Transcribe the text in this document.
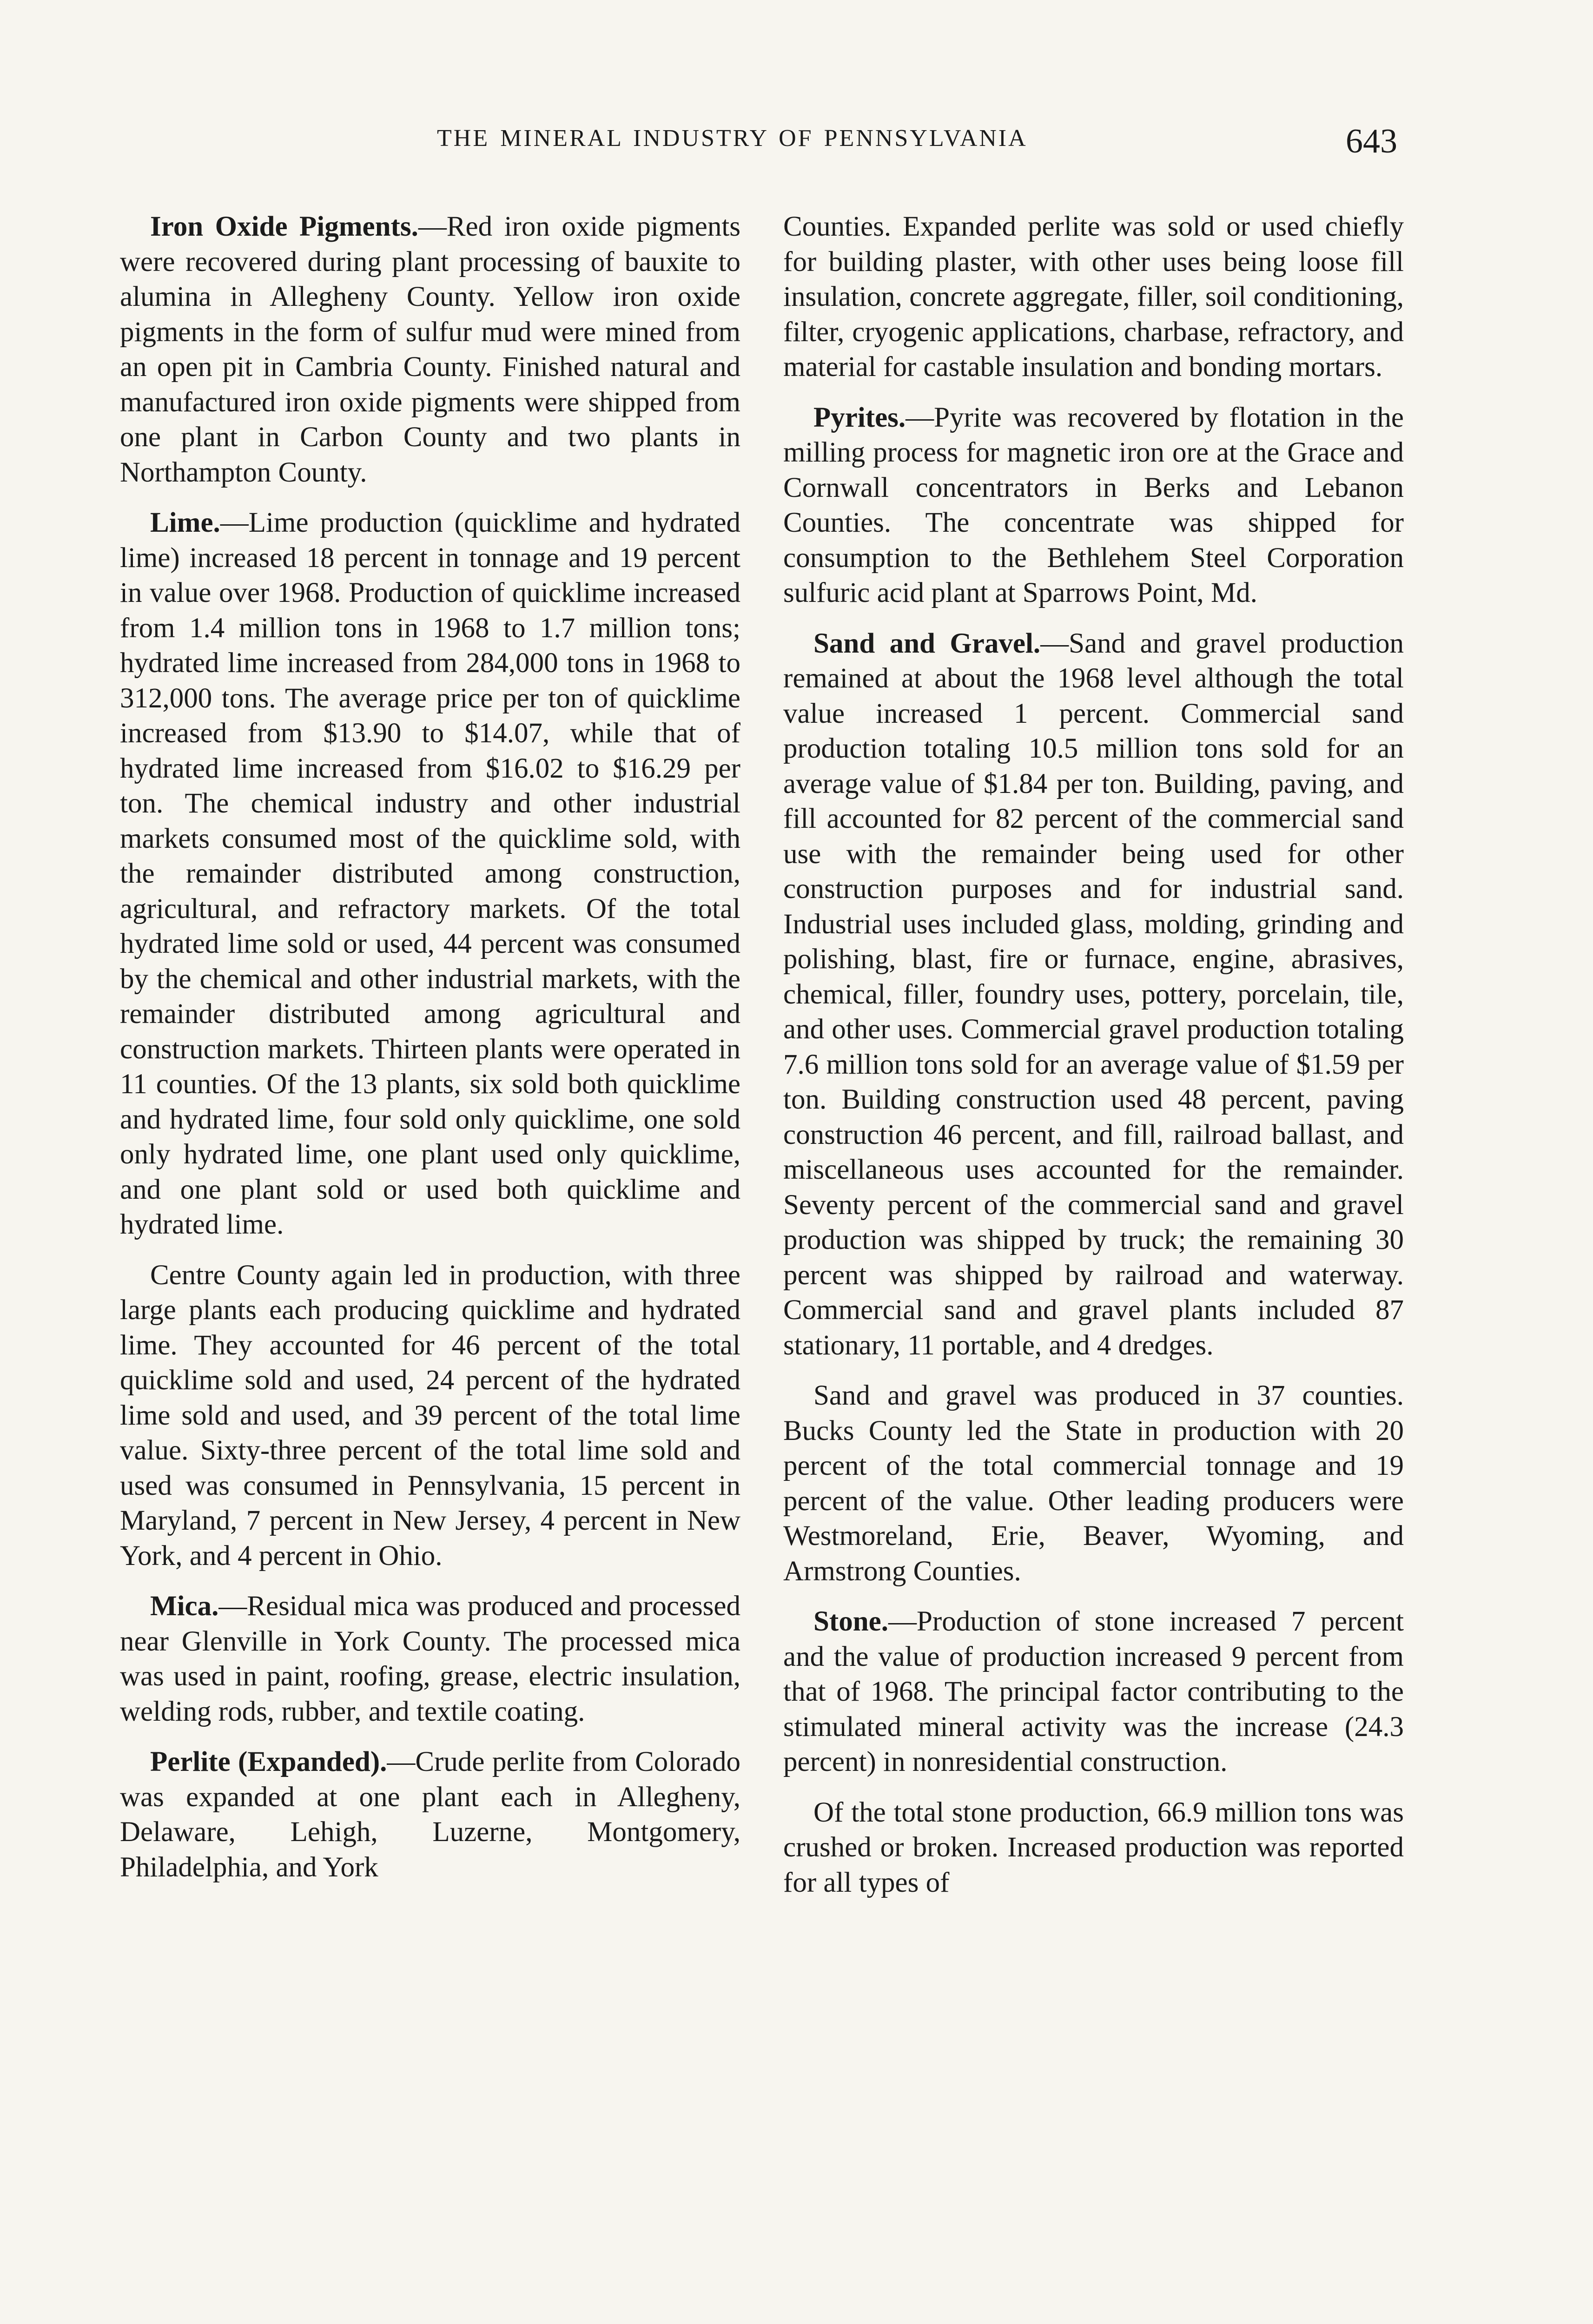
THE MINERAL INDUSTRY OF PENNSYLVANIA	643

Iron Oxide Pigments.—Red iron oxide pigments were recovered during plant processing of bauxite to alumina in Allegheny County. Yellow iron oxide pigments in the form of sulfur mud were mined from an open pit in Cambria County. Finished natural and manufactured iron oxide pigments were shipped from one plant in Carbon County and two plants in Northampton County.

Lime.—Lime production (quicklime and hydrated lime) increased 18 percent in tonnage and 19 percent in value over 1968. Production of quicklime increased from 1.4 million tons in 1968 to 1.7 million tons; hydrated lime increased from 284,000 tons in 1968 to 312,000 tons. The average price per ton of quicklime increased from $13.90 to $14.07, while that of hydrated lime increased from $16.02 to $16.29 per ton. The chemical industry and other industrial markets consumed most of the quicklime sold, with the remainder distributed among construction, agricultural, and refractory markets. Of the total hydrated lime sold or used, 44 percent was consumed by the chemical and other industrial markets, with the remainder distributed among agricultural and construction markets. Thirteen plants were operated in 11 counties. Of the 13 plants, six sold both quicklime and hydrated lime, four sold only quicklime, one sold only hydrated lime, one plant used only quicklime, and one plant sold or used both quicklime and hydrated lime.

Centre County again led in production, with three large plants each producing quicklime and hydrated lime. They accounted for 46 percent of the total quicklime sold and used, 24 percent of the hydrated lime sold and used, and 39 percent of the total lime value. Sixty-three percent of the total lime sold and used was consumed in Pennsylvania, 15 percent in Maryland, 7 percent in New Jersey, 4 percent in New York, and 4 percent in Ohio.

Mica.—Residual mica was produced and processed near Glenville in York County. The processed mica was used in paint, roofing, grease, electric insulation, welding rods, rubber, and textile coating.

Perlite (Expanded).—Crude perlite from Colorado was expanded at one plant each in Allegheny, Delaware, Lehigh, Luzerne, Montgomery, Philadelphia, and York

Counties. Expanded perlite was sold or used chiefly for building plaster, with other uses being loose fill insulation, concrete aggregate, filler, soil conditioning, filter, cryogenic applications, charbase, refractory, and material for castable insulation and bonding mortars.

Pyrites.—Pyrite was recovered by flotation in the milling process for magnetic iron ore at the Grace and Cornwall concentrators in Berks and Lebanon Counties. The concentrate was shipped for consumption to the Bethlehem Steel Corporation sulfuric acid plant at Sparrows Point, Md.

Sand and Gravel.—Sand and gravel production remained at about the 1968 level although the total value increased 1 percent. Commercial sand production totaling 10.5 million tons sold for an average value of $1.84 per ton. Building, paving, and fill accounted for 82 percent of the commercial sand use with the remainder being used for other construction purposes and for industrial sand. Industrial uses included glass, molding, grinding and polishing, blast, fire or furnace, engine, abrasives, chemical, filler, foundry uses, pottery, porcelain, tile, and other uses. Commercial gravel production totaling 7.6 million tons sold for an average value of $1.59 per ton. Building construction used 48 percent, paving construction 46 percent, and fill, railroad ballast, and miscellaneous uses accounted for the remainder. Seventy percent of the commercial sand and gravel production was shipped by truck; the remaining 30 percent was shipped by railroad and waterway. Commercial sand and gravel plants included 87 stationary, 11 portable, and 4 dredges.

Sand and gravel was produced in 37 counties. Bucks County led the State in production with 20 percent of the total commercial tonnage and 19 percent of the value. Other leading producers were Westmoreland, Erie, Beaver, Wyoming, and Armstrong Counties.

Stone.—Production of stone increased 7 percent and the value of production increased 9 percent from that of 1968. The principal factor contributing to the stimulated mineral activity was the increase (24.3 percent) in nonresidential construction.

Of the total stone production, 66.9 million tons was crushed or broken. Increased production was reported for all types of
